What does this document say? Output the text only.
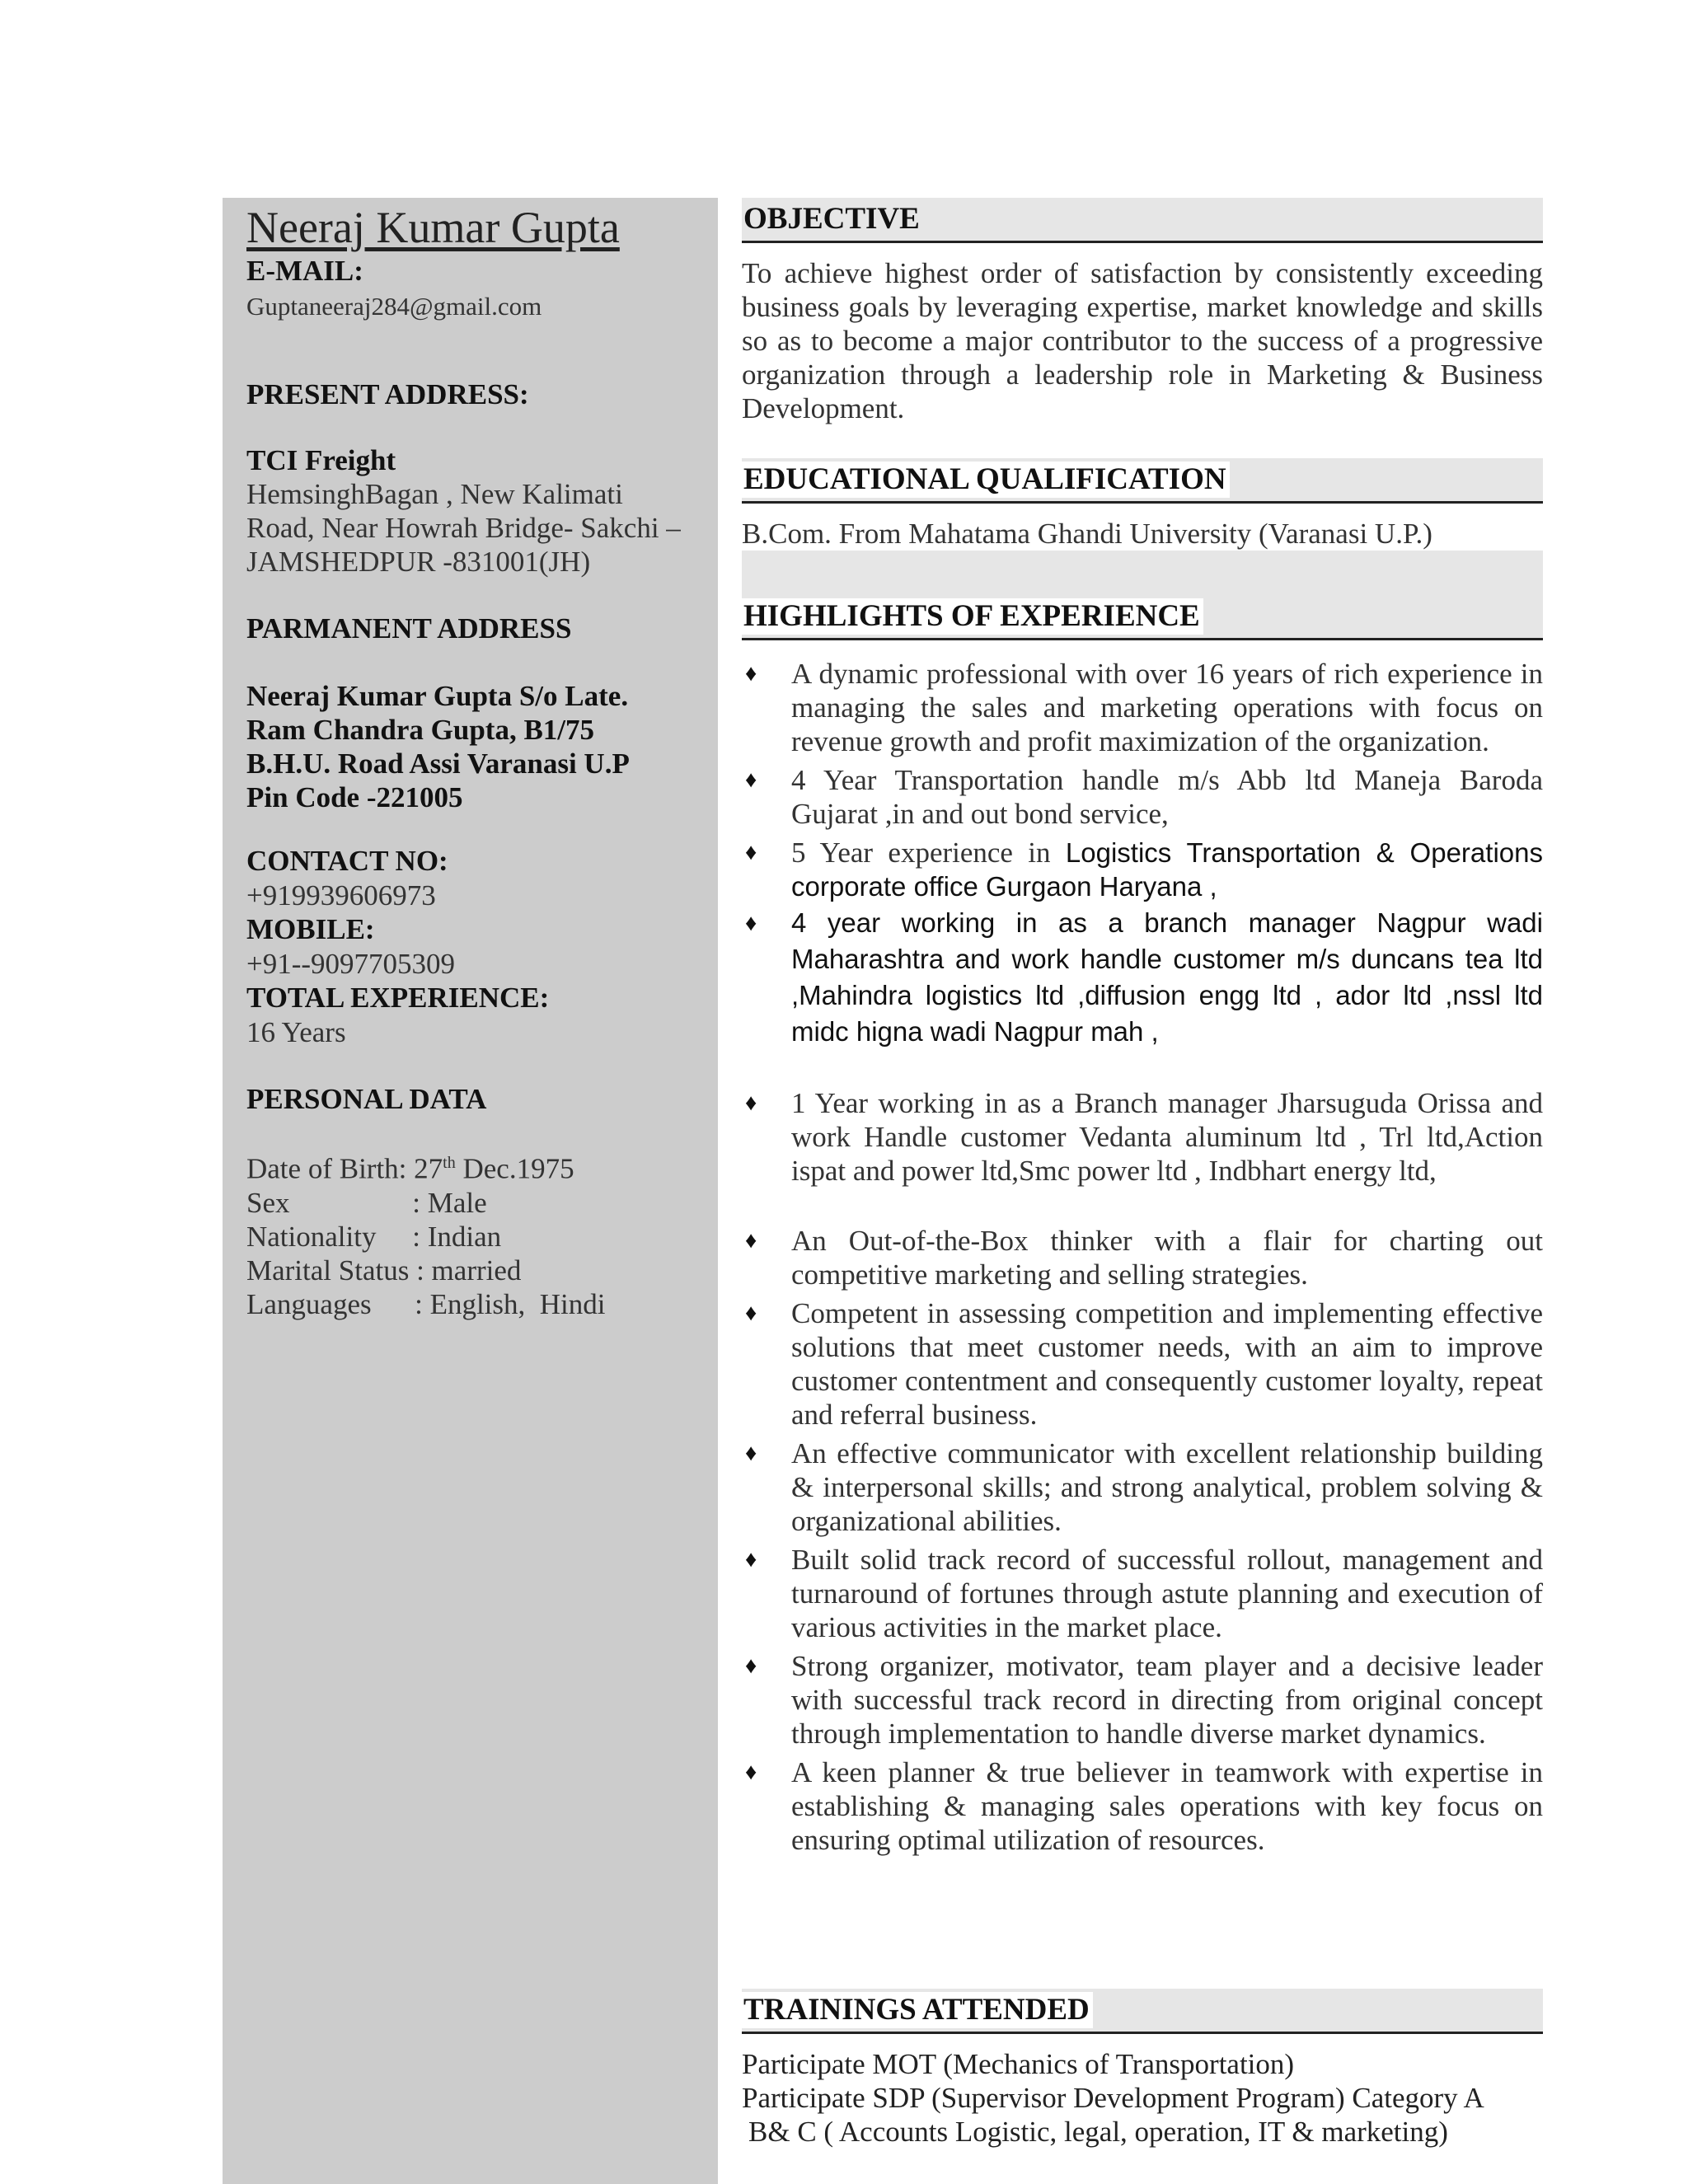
Neeraj Kumar Gupta
E-MAIL:
Guptaneeraj284@gmail.com
PRESENT ADDRESS:
TCI Freight
HemsinghBagan , New Kalimati
Road, Near Howrah Bridge- Sakchi –
JAMSHEDPUR -831001(JH)
PARMANENT ADDRESS
Neeraj Kumar Gupta S/o Late.
Ram Chandra Gupta, B1/75
B.H.U. Road Assi Varanasi U.P
Pin Code -221005
CONTACT NO:
+919939606973
MOBILE:
+91--9097705309
TOTAL EXPERIENCE:
16 Years
PERSONAL DATA
Date of Birth: 27th Dec.1975
Sex                 : Male
Nationality     : Indian
Marital Status : married
Languages      : English,  Hindi
OBJECTIVE
To achieve highest order of satisfaction by consistently exceeding business goals by leveraging expertise, market knowledge and skills so as to become a major contributor to the success of a progressive organization through a leadership role in Marketing & Business Development.
EDUCATIONAL QUALIFICATION
B.Com. From Mahatama Ghandi University (Varanasi U.P.)
HIGHLIGHTS OF EXPERIENCE
♦ A dynamic professional with over 16 years of rich experience in managing the sales and marketing operations with focus on revenue growth and profit maximization of the organization.
♦ 4 Year Transportation handle m/s Abb ltd Maneja Baroda Gujarat ,in and out bond service,
♦ 5 Year experience in Logistics Transportation & Operations corporate office Gurgaon Haryana ,
♦ 4 year working in as a branch manager Nagpur wadi Maharashtra and work handle customer m/s duncans tea ltd ,Mahindra logistics ltd ,diffusion engg ltd , ador ltd ,nssl ltd midc higna wadi Nagpur mah ,
♦ 1 Year working in as a Branch manager Jharsuguda Orissa and work Handle customer Vedanta aluminum ltd , Trl ltd,Action ispat and power ltd,Smc power ltd , Indbhart energy ltd,
♦ An Out-of-the-Box thinker with a flair for charting out competitive marketing and selling strategies.
♦ Competent in assessing competition and implementing effective solutions that meet customer needs, with an aim to improve customer contentment and consequently customer loyalty, repeat and referral business.
♦ An effective communicator with excellent relationship building & interpersonal skills; and strong analytical, problem solving & organizational abilities.
♦ Built solid track record of successful rollout, management and turnaround of fortunes through astute planning and execution of various activities in the market place.
♦ Strong organizer, motivator, team player and a decisive leader with successful track record in directing from original concept through implementation to handle diverse market dynamics.
♦ A keen planner & true believer in teamwork with expertise in establishing & managing sales operations with key focus on ensuring optimal utilization of resources.
TRAININGS ATTENDED
Participate MOT (Mechanics of Transportation)
Participate SDP (Supervisor Development Program) Category A
B& C ( Accounts Logistic, legal, operation, IT & marketing)
